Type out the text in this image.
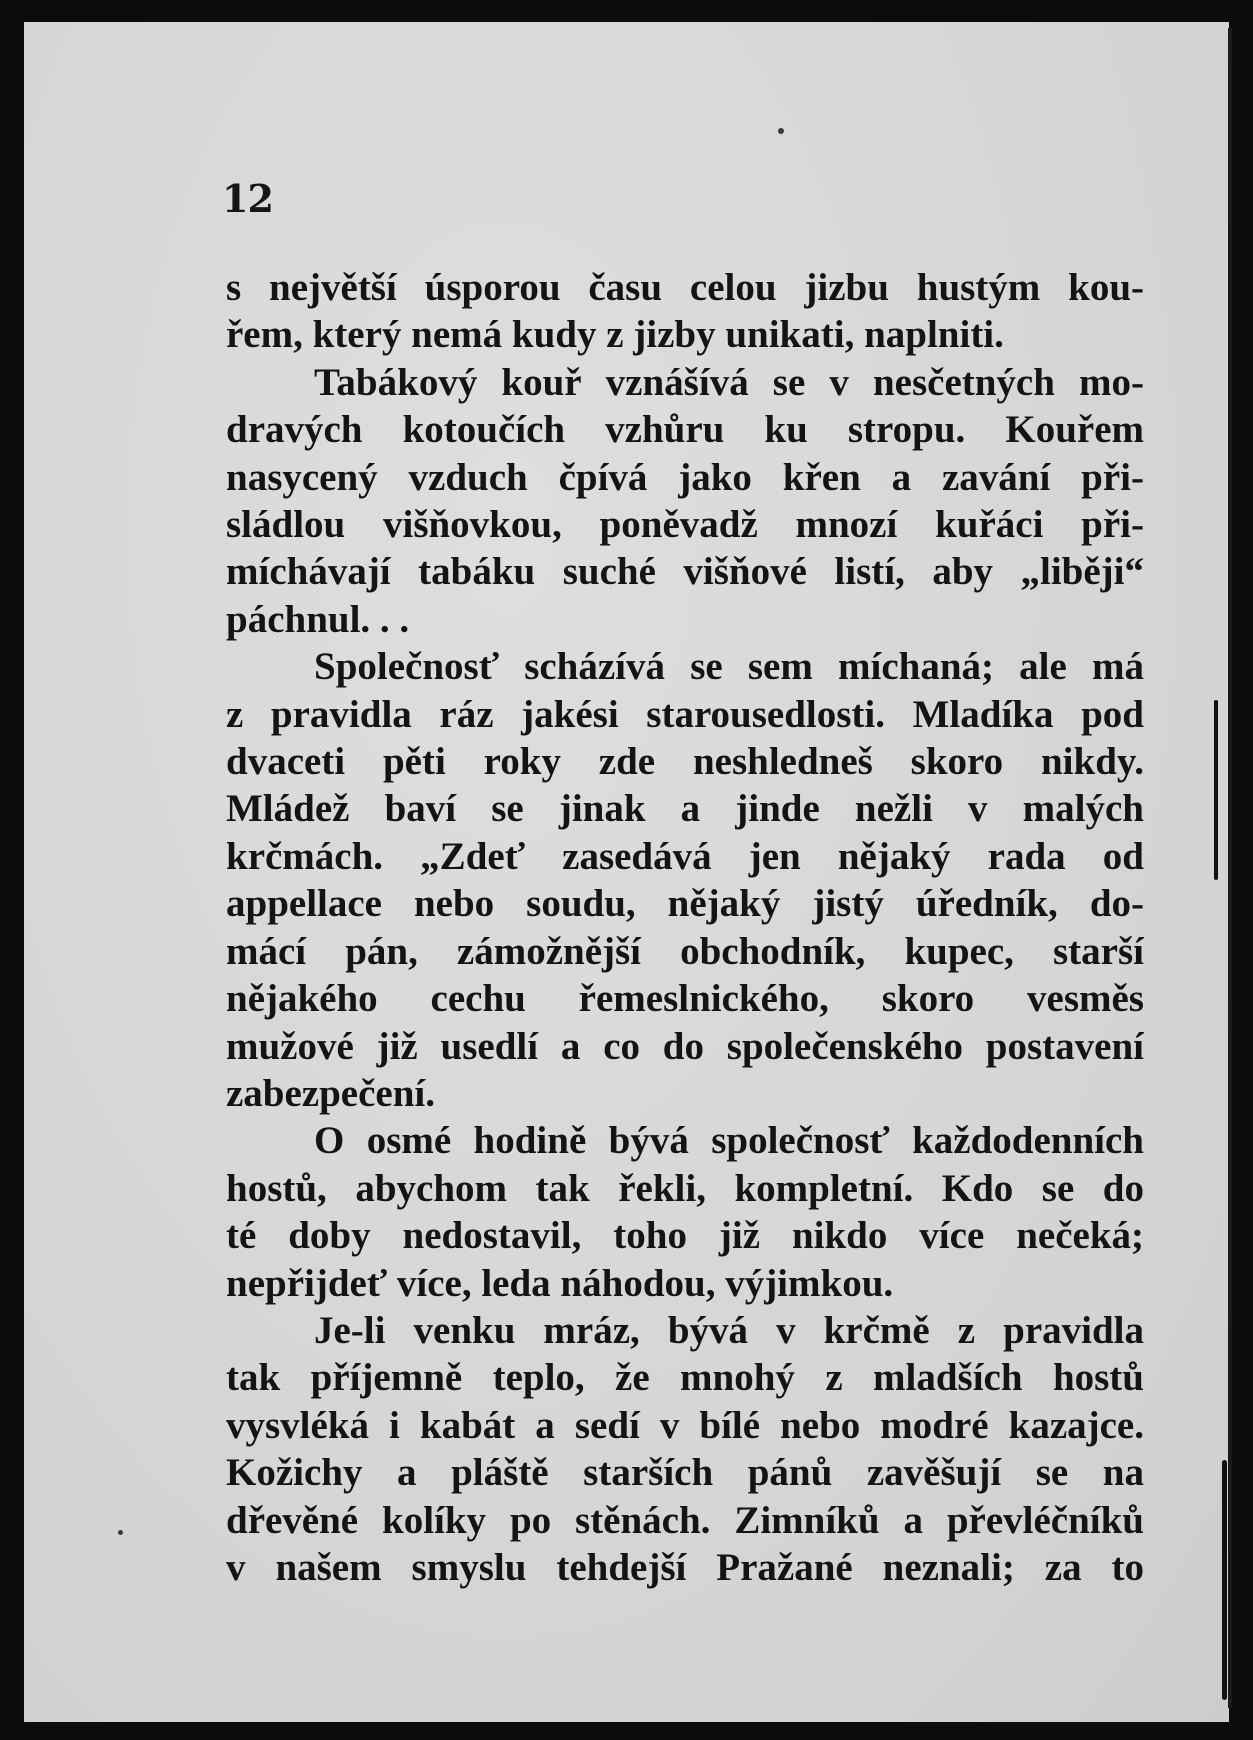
12
s největší úsporou času celou jizbu hustým kou-
řem, který nemá kudy z jizby unikati, naplniti.
Tabákový kouř vznášívá se v nesčetných mo-
dravých kotoučích vzhůru ku stropu. Kouřem
nasycený vzduch čpívá jako křen a zavání při-
sládlou višňovkou, poněvadž mnozí kuřáci při-
míchávají tabáku suché višňové listí, aby „liběji“
páchnul. . .
Společnosť scházívá se sem míchaná; ale má
z pravidla ráz jakési starousedlosti. Mladíka pod
dvaceti pěti roky zde neshledneš skoro nikdy.
Mládež baví se jinak a jinde nežli v malých
krčmách. „Zdeť zasedává jen nějaký rada od
appellace nebo soudu, nějaký jistý úředník, do-
mácí pán, zámožnější obchodník, kupec, starší
nějakého cechu řemeslnického, skoro vesměs
mužové již usedlí a co do společenského postavení
zabezpečení.
O osmé hodině bývá společnosť každodenních
hostů, abychom tak řekli, kompletní. Kdo se do
té doby nedostavil, toho již nikdo více nečeká;
nepřijdeť více, leda náhodou, výjimkou.
Je-li venku mráz, bývá v krčmě z pravidla
tak příjemně teplo, že mnohý z mladších hostů
vysvléká i kabát a sedí v bílé nebo modré kazajce.
Kožichy a pláště starších pánů zavěšují se na
dřevěné kolíky po stěnách. Zimníků a převléčníků
v našem smyslu tehdejší Pražané neznali; za to
